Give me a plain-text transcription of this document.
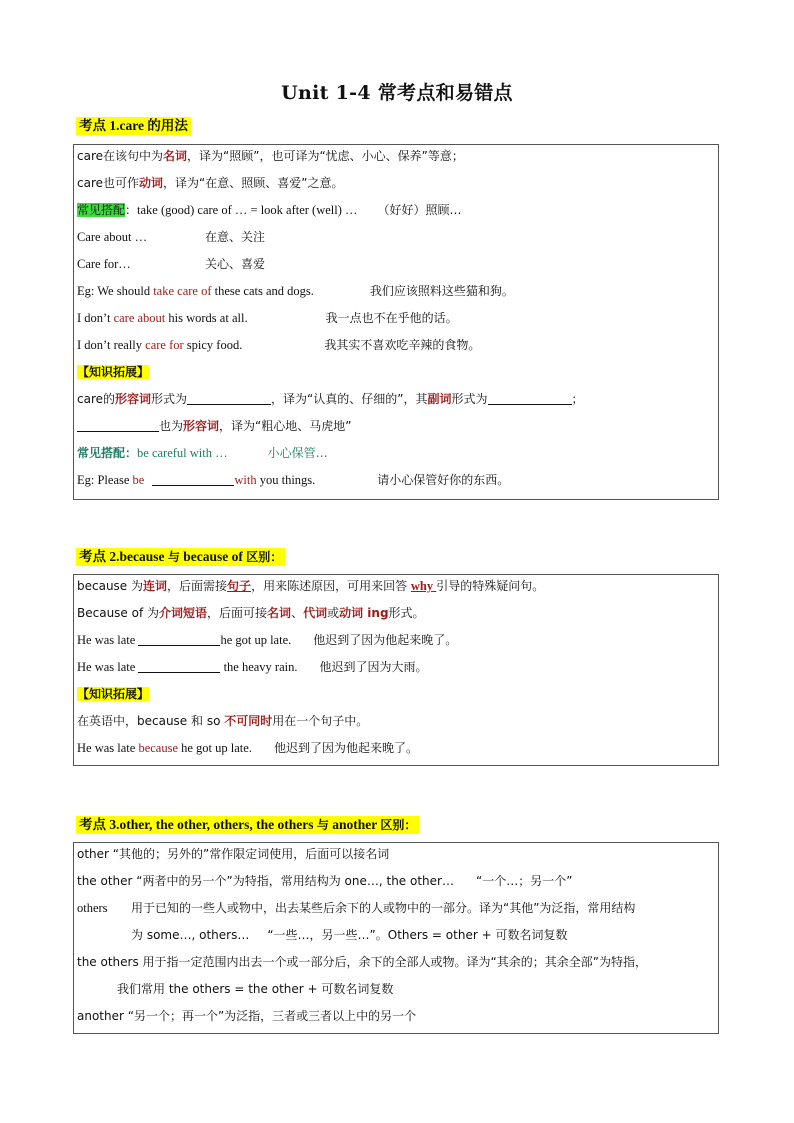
Unit 1-4 常考点和易错点
考点 1.care 的用法
care在该句中为名词，译为“照顾”，也可译为“忧虑、小心、保养”等意；
care也可作动词，译为“在意、照顾、喜爱”之意。
常见搭配：take (good) care of … = look after (well) … （好好）照顾…
Care about …	在意、关注
Care for…	关心、喜爱
Eg: We should take care of these cats and dogs.	我们应该照料这些猫和狗。
I don’t care about his words at all.	我一点也不在乎他的话。
I don’t really care for spicy food.	我其实不喜欢吃辛辣的食物。
【知识拓展】
care的形容词形式为	，译为“认真的、仔细的”，其副词形式为	；
也为形容词，译为“粗心地、马虎地”
常见搭配：be careful with …	小心保管…
Eg: Please be	with you things.	请小心保管好你的东西。
考点 2.because 与 because of 区别：
because 为连词，后面需接句子，用来陈述原因，可用来回答 why 引导的特殊疑问句。
Because of 为介词短语，后面可接名词、代词或动词 ing形式。
He was late	he got up late. 他迟到了因为他起来晚了。
He was late	the heavy rain. 他迟到了因为大雨。
【知识拓展】
在英语中，because 和 so 不可同时用在一个句子中。
He was late because he got up late. 他迟到了因为他起来晚了。
考点 3.other, the other, others, the others 与 another 区别：
other “其他的；另外的”常作限定词使用，后面可以接名词
the other “两者中的另一个”为特指，常用结构为 one…, the other… “一个…；另一个”
others 用于已知的一些人或物中，出去某些后余下的人或物中的一部分。译为“其他”为泛指，常用结构
为 some…, others… “一些…，另一些…”。Others = other + 可数名词复数
the others 用于指一定范围内出去一个或一部分后，余下的全部人或物。译为“其余的；其余全部”为特指，
我们常用 the others = the other + 可数名词复数
another “另一个；再一个”为泛指，三者或三者以上中的另一个
